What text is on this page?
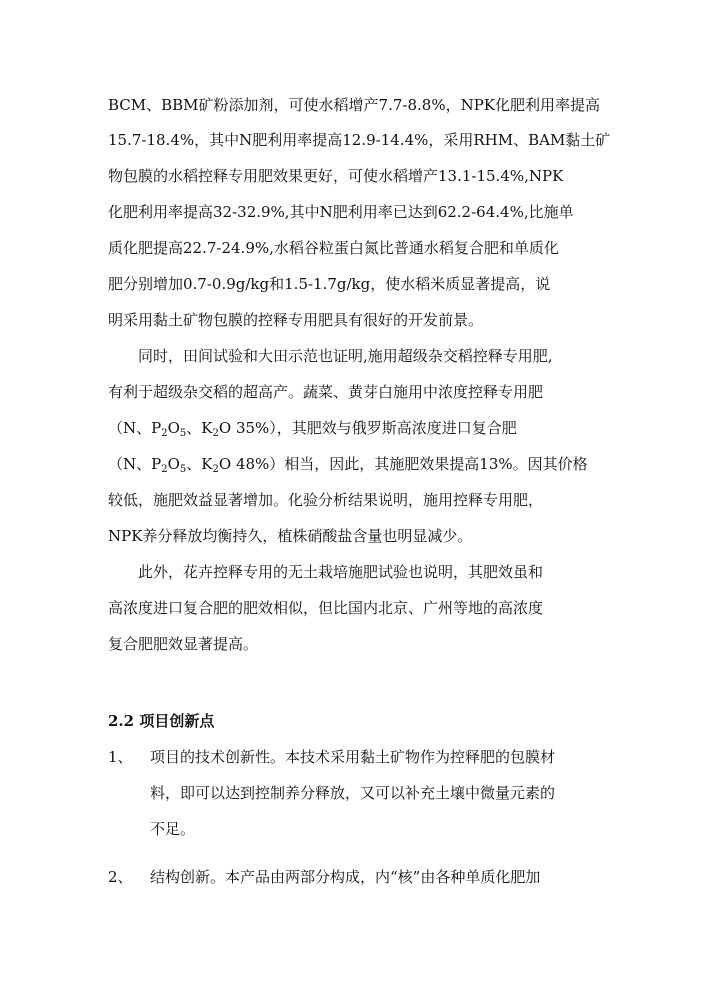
BCM、BBM矿粉添加剂，可使水稻增产7.7-8.8%，NPK化肥利用率提高
15.7-18.4%，其中N肥利用率提高12.9-14.4%，采用RHM、BAM黏土矿
物包膜的水稻控释专用肥效果更好，可使水稻增产13.1-15.4%,NPK
化肥利用率提高32-32.9%,其中N肥利用率已达到62.2-64.4%,比施单
质化肥提高22.7-24.9%,水稻谷粒蛋白氮比普通水稻复合肥和单质化
肥分别增加0.7-0.9g/kg和1.5-1.7g/kg，使水稻米质显著提高，说
明采用黏土矿物包膜的控释专用肥具有很好的开发前景。
同时，田间试验和大田示范也证明,施用超级杂交稻控释专用肥,
有利于超级杂交稻的超高产。蔬菜、黄芽白施用中浓度控释专用肥
（N、$P_2O_5$、$K_2O$ 35%），其肥效与俄罗斯高浓度进口复合肥
（N、$P_2O_5$、$K_2O$ 48%）相当，因此，其施肥效果提高13%。因其价格
较低，施肥效益显著增加。化验分析结果说明，施用控释专用肥，
NPK养分释放均衡持久，植株硝酸盐含量也明显减少。
此外，花卉控释专用的无土栽培施肥试验也说明，其肥效虽和
高浓度进口复合肥的肥效相似，但比国内北京、广州等地的高浓度
复合肥肥效显著提高。
2.2 项目创新点
1、 项目的技术创新性。本技术采用黏土矿物作为控释肥的包膜材
料，即可以达到控制养分释放，又可以补充土壤中微量元素的
不足。
2、 结构创新。本产品由两部分构成，内“核”由各种单质化肥加
